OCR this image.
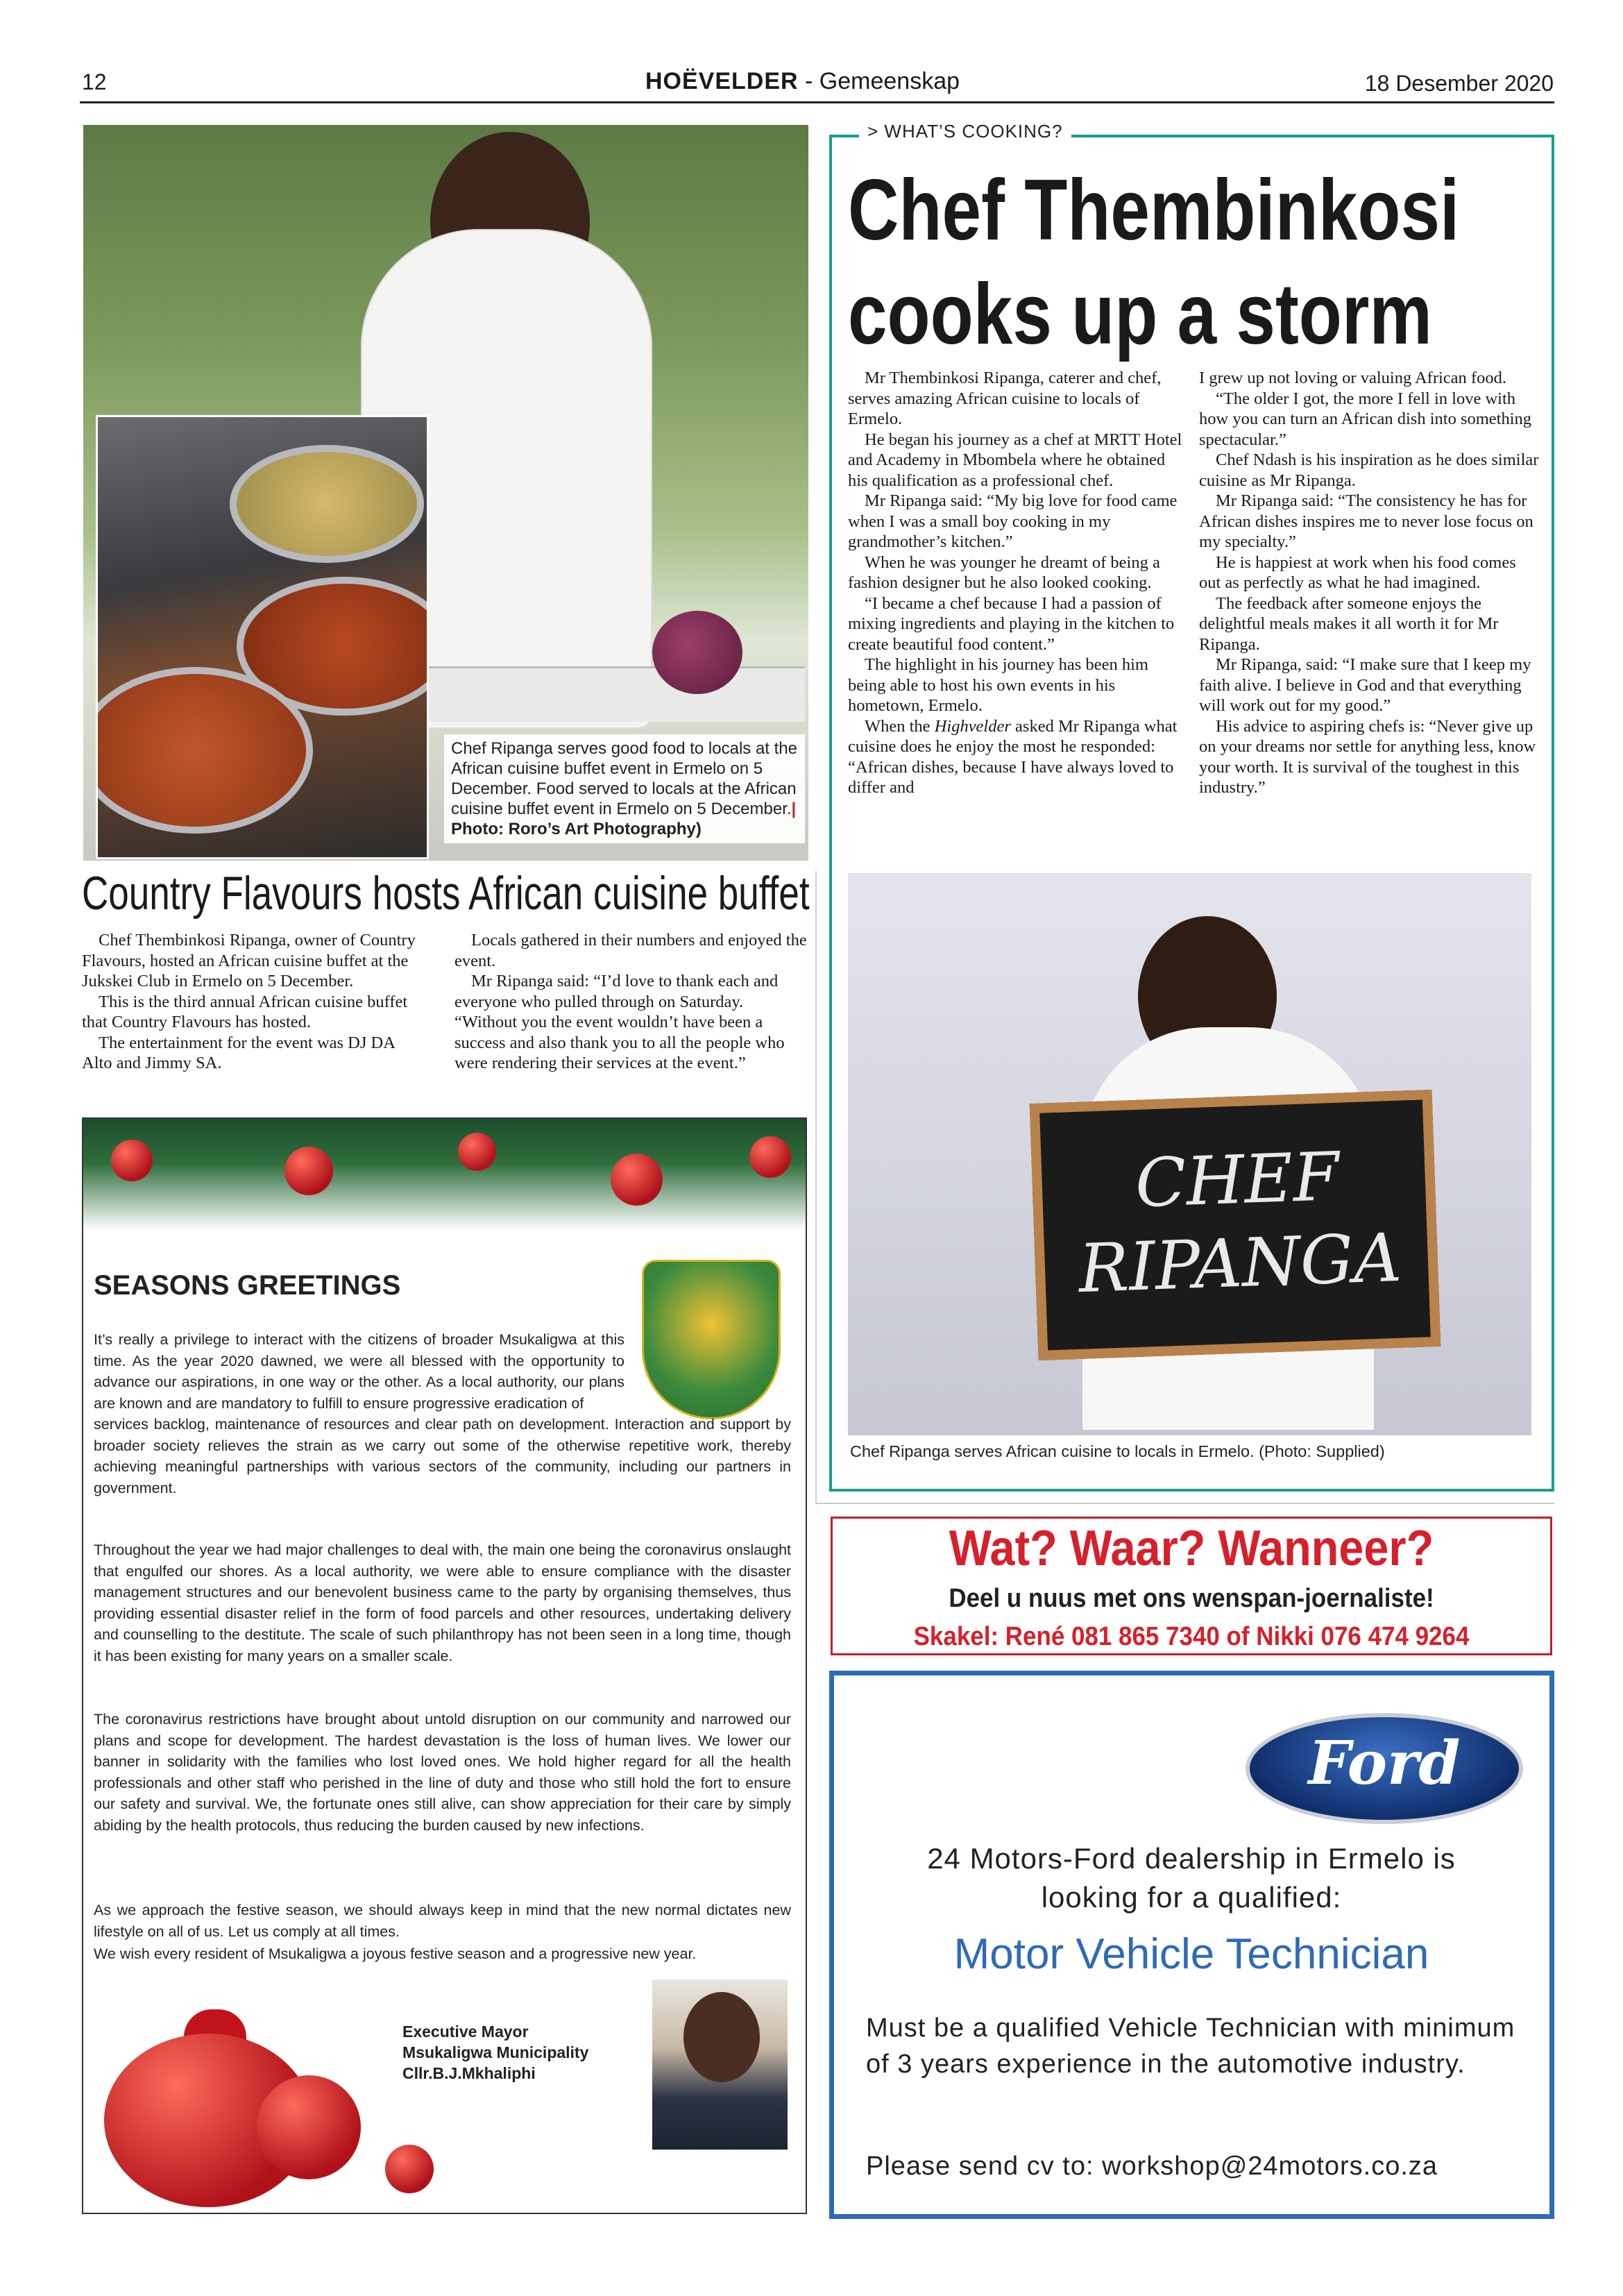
12	HOËVELDER - Gemeenskap	18 Desember 2020
Chef Ripanga serves good food to locals at the African cuisine buffet event in Ermelo on 5 December. Food served to locals at the African cuisine buffet event in Ermelo on 5 December.| Photo: Roro’s Art Photography)
Country Flavours hosts African cuisine buffet

Chef Thembinkosi Ripanga, owner of Country Flavours, hosted an African cuisine buffet at the Jukskei Club in Ermelo on 5 December.

This is the third annual African cuisine buffet that Country Flavours has hosted.

The entertainment for the event was DJ DA Alto and Jimmy SA.

Locals gathered in their numbers and enjoyed the event.

Mr Ripanga said: “I’d love to thank each and everyone who pulled through on Saturday. “Without you the event wouldn’t have been a success and also thank you to all the people who were rendering their services at the event.”

SEASONS GREETINGS
It’s really a privilege to interact with the citizens of broader Msukaligwa at this time. As the year 2020 dawned, we were all blessed with the opportunity to advance our aspirations, in one way or the other. As a local authority, our plans are known and are mandatory to fulfill to ensure progressive eradication of
services backlog, maintenance of resources and clear path on development. Interaction and support by broader society relieves the strain as we carry out some of the otherwise repetitive work, thereby achieving meaningful partnerships with various sectors of the community, including our partners in government.
Throughout the year we had major challenges to deal with, the main one being the coronavirus onslaught that engulfed our shores. As a local authority, we were able to ensure compliance with the disaster management structures and our benevolent business came to the party by organising themselves, thus providing essential disaster relief in the form of food parcels and other resources, undertaking delivery and counselling to the destitute. The scale of such philanthropy has not been seen in a long time, though it has been existing for many years on a smaller scale.
The coronavirus restrictions have brought about untold disruption on our community and narrowed our plans and scope for development. The hardest devastation is the loss of human lives. We lower our banner in solidarity with the families who lost loved ones. We hold higher regard for all the health professionals and other staff who perished in the line of duty and those who still hold the fort to ensure our safety and survival. We, the fortunate ones still alive, can show appreciation for their care by simply abiding by the health protocols, thus reducing the burden caused by new infections.
As we approach the festive season, we should always keep in mind that the new normal dictates new lifestyle on all of us. Let us comply at all times.
We wish every resident of Msukaligwa a joyous festive season and a progressive new year.
Executive Mayor
Msukaligwa Municipality
Cllr.B.J.Mkhaliphi
> WHAT’S COOKING?
Chef Thembinkosi
cooks up a storm

Mr Thembinkosi Ripanga, caterer and chef, serves amazing African cuisine to locals of Ermelo.

He began his journey as a chef at MRTT Hotel and Academy in Mbombela where he obtained his qualification as a professional chef.

Mr Ripanga said: “My big love for food came when I was a small boy cooking in my grandmother’s kitchen.”

When he was younger he dreamt of being a fashion designer but he also looked cooking.

“I became a chef because I had a passion of mixing ingredients and playing in the kitchen to create beautiful food content.”

The highlight in his journey has been him being able to host his own events in his hometown, Ermelo.

When the Highvelder asked Mr Ripanga what cuisine does he enjoy the most he responded: “African dishes, because I have always loved to differ and

I grew up not loving or valuing African food.

“The older I got, the more I fell in love with how you can turn an African dish into something spectacular.”

Chef Ndash is his inspiration as he does similar cuisine as Mr Ripanga.

Mr Ripanga said: “The consistency he has for African dishes inspires me to never lose focus on my specialty.”

He is happiest at work when his food comes out as perfectly as what he had imagined.

The feedback after someone enjoys the delightful meals makes it all worth it for Mr Ripanga.

Mr Ripanga, said: “I make sure that I keep my faith alive. I believe in God and that everything will work out for my good.”

His advice to aspiring chefs is: “Never give up on your dreams nor settle for anything less, know your worth. It is survival of the toughest in this industry.”

CHEF
RIPANGA
Chef Ripanga serves African cuisine to locals in Ermelo. (Photo: Supplied)
Wat? Waar? Wanneer?
Deel u nuus met ons wenspan-joernaliste!
Skakel: René 081 865 7340 of Nikki 076 474 9264
Ford
24 Motors-Ford dealership in Ermelo is
looking for a qualified:
Motor Vehicle Technician
Must be a qualified Vehicle Technician with minimum of 3 years experience in the automotive industry.
Please send cv to: workshop@24motors.co.za
